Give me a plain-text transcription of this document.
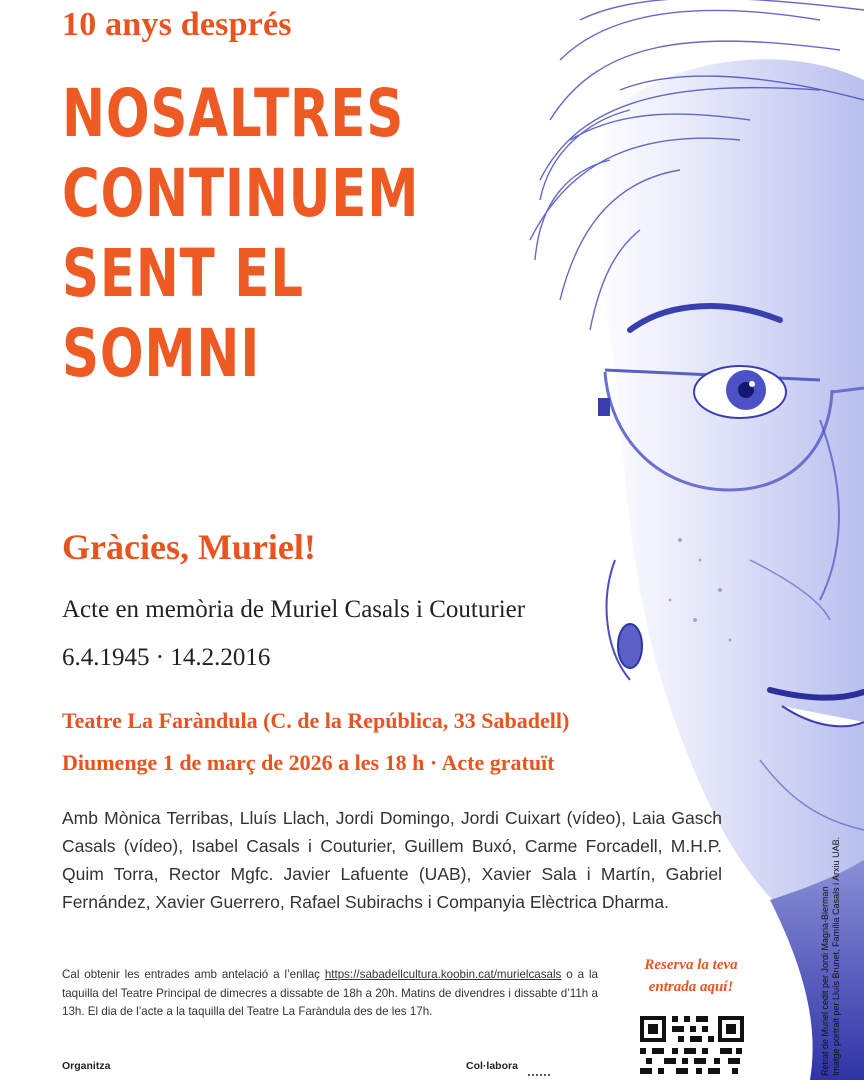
10 anys després
NOSALTRES
CONTINUEM
SENT EL
SOMNI
Gràcies, Muriel!
Acte en memòria de Muriel Casals i Couturier
6.4.1945 · 14.2.2016
Teatre La Faràndula (C. de la República, 33 Sabadell)
Diumenge 1 de març de 2026 a les 18 h · Acte gratuït
Amb Mònica Terribas, Lluís Llach, Jordi Domingo, Jordi Cuixart (vídeo), Laia Gasch Casals (vídeo), Isabel Casals i Couturier, Guillem Buxó, Carme Forcadell, M.H.P. Quim Torra, Rector Mgfc. Javier Lafuente (UAB), Xavier Sala i Martín, Gabriel Fernández, Xavier Guerrero, Rafael Subirachs i Companyia Elèctrica Dharma.
Cal obtenir les entrades amb antelació a l’enllaç https://sabadellcultura.koobin.cat/murielcasals o a la taquilla del Teatre Principal de dimecres a dissabte de 18h a 20h. Matins de divendres i dissabte d’11h a 13h. El dia de l’acte a la taquilla del Teatre La Faràndula des de les 17h.
Organitza	Col·labora
Reserva la teva
entrada aquí!	Retrat de Muriel cedit per Jordi Magrià-Bierman Imatge portrait per Lluís Brunet, Família Casals i Arxiu UAB.
